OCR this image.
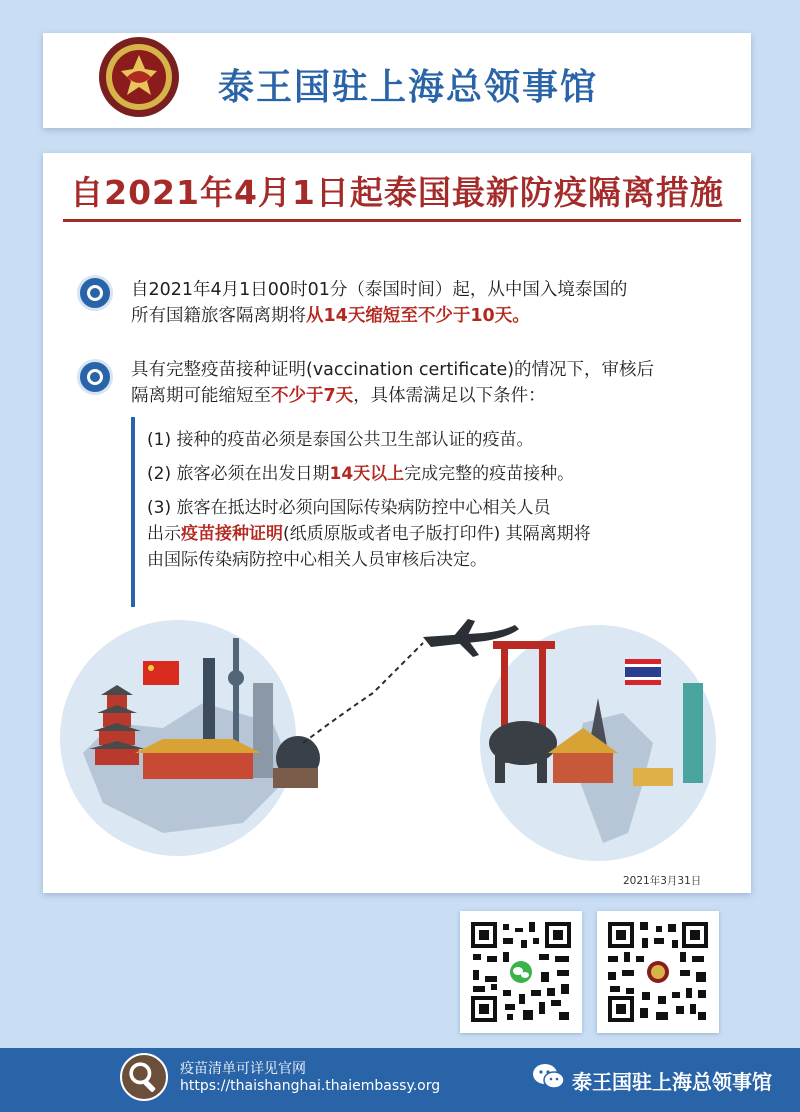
泰王国驻上海总领事馆
自2021年4月1日起泰国最新防疫隔离措施
自2021年4月1日00时01分（泰国时间）起，从中国入境泰国的
所有国籍旅客隔离期将从14天缩短至不少于10天。
具有完整疫苗接种证明(vaccination certificate)的情况下，审核后
隔离期可能缩短至不少于7天，具体需满足以下条件：
(1) 接种的疫苗必须是泰国公共卫生部认证的疫苗。
(2) 旅客必须在出发日期14天以上完成完整的疫苗接种。
(3) 旅客在抵达时必须向国际传染病防控中心相关人员
出示疫苗接种证明(纸质原版或者电子版打印件) 其隔离期将
由国际传染病防控中心相关人员审核后决定。
2021年3月31日
疫苗清单可详见官网
https://thaishanghai.thaiembassy.org	泰王国驻上海总领事馆
